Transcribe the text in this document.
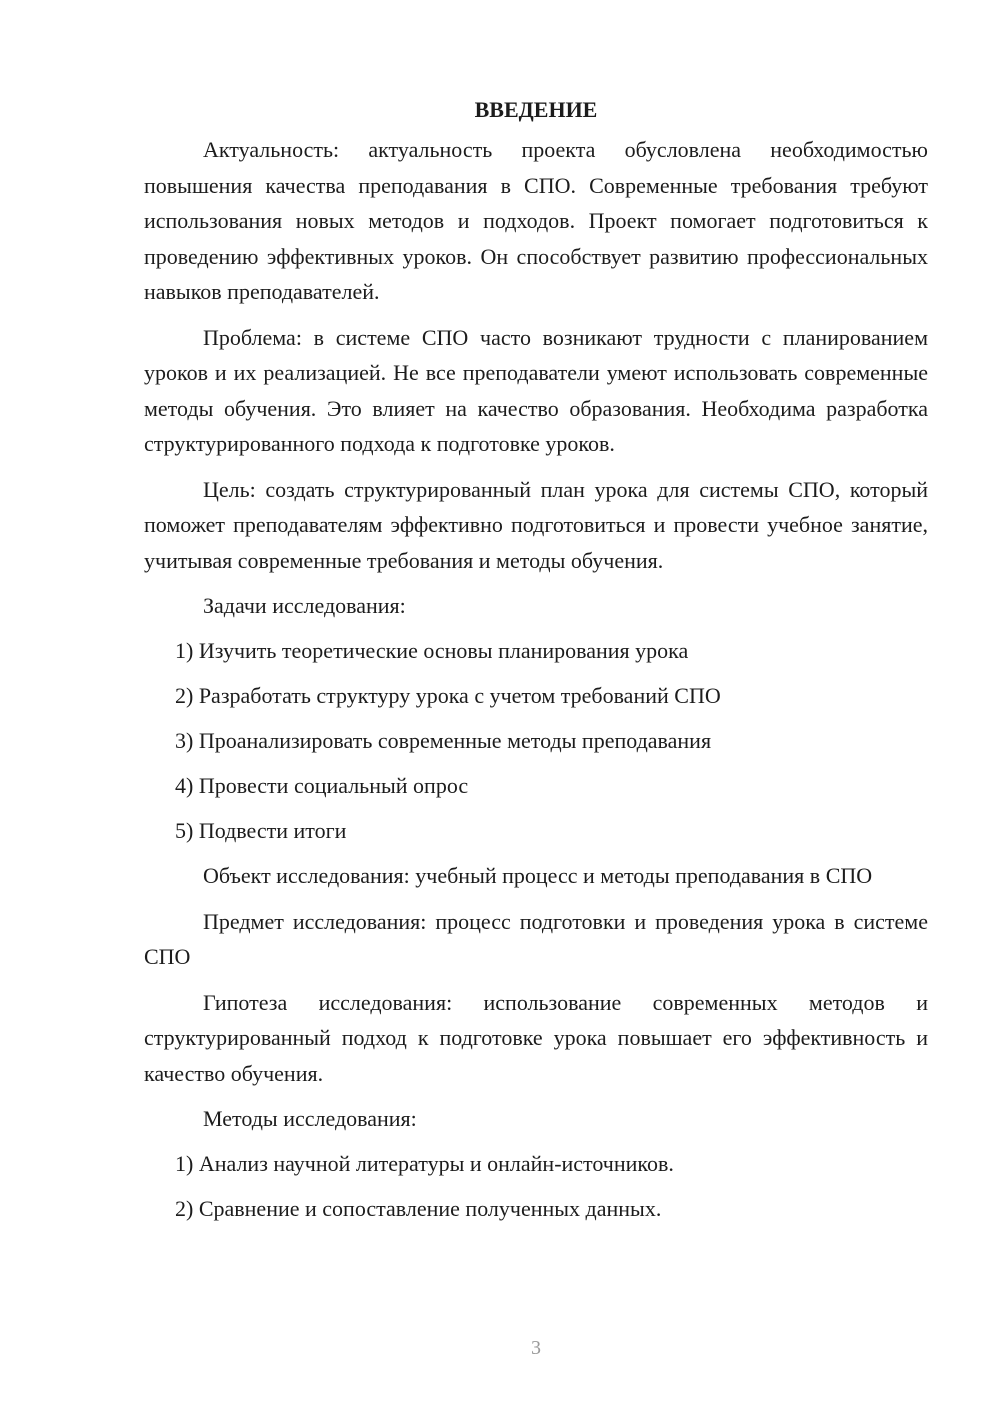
ВВЕДЕНИЕ

Актуальность: актуальность проекта обусловлена необходимостью повышения качества преподавания в СПО. Современные требования требуют использования новых методов и подходов. Проект помогает подготовиться к проведению эффективных уроков. Он способствует развитию профессиональных навыков преподавателей.

Проблема: в системе СПО часто возникают трудности с планированием уроков и их реализацией. Не все преподаватели умеют использовать современные методы обучения. Это влияет на качество образования. Необходима разработка структурированного подхода к подготовке уроков.

Цель: создать структурированный план урока для системы СПО, который поможет преподавателям эффективно подготовиться и провести учебное занятие, учитывая современные требования и методы обучения.

Задачи исследования:

1) Изучить теоретические основы планирования урока

2) Разработать структуру урока с учетом требований СПО

3) Проанализировать современные методы преподавания

4) Провести социальный опрос

5) Подвести итоги

Объект исследования: учебный процесс и методы преподавания в СПО

Предмет исследования: процесс подготовки и проведения урока в системе СПО

Гипотеза исследования: использование современных методов и структурированный подход к подготовке урока повышает его эффективность и качество обучения.

Методы исследования:

1) Анализ научной литературы и онлайн-источников.

2) Сравнение и сопоставление полученных данных.

3
